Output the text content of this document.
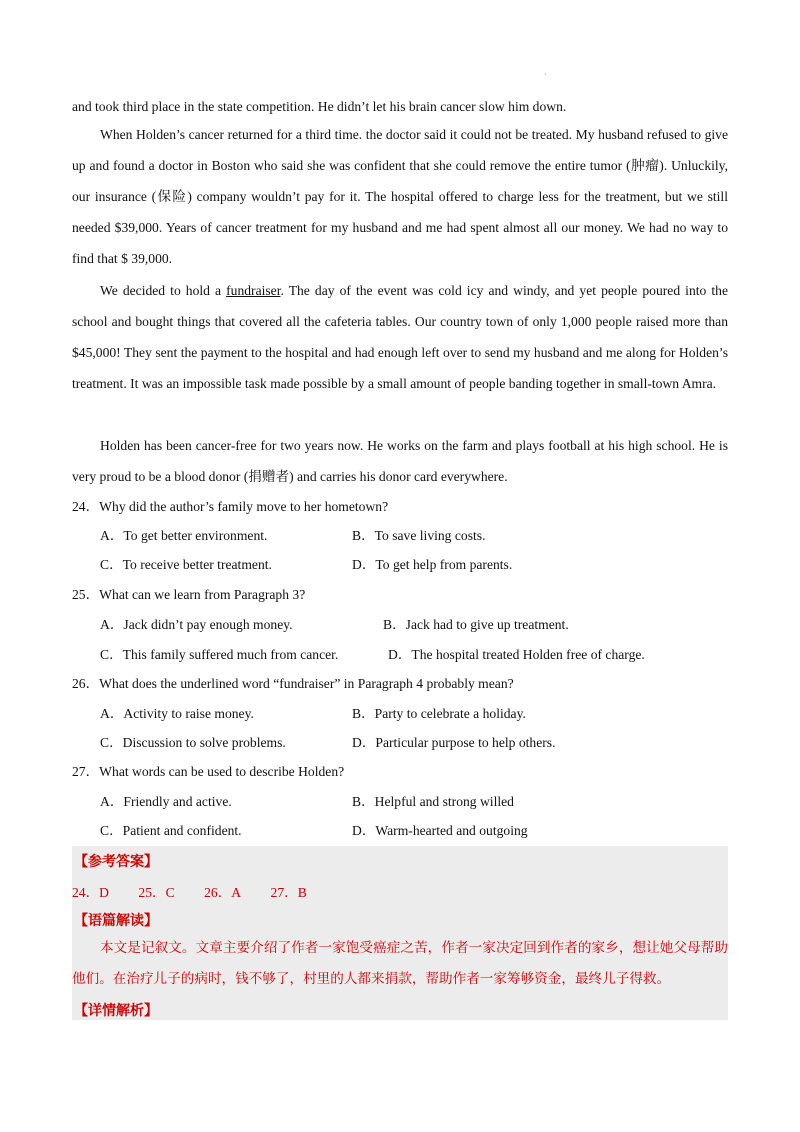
·

and took third place in the state competition. He didn’t let his brain cancer slow him down.

When Holden’s cancer returned for a third time. the doctor said it could not be treated. My husband refused to give up and found a doctor in Boston who said she was confident that she could remove the entire tumor (肿瘤). Unluckily, our insurance (保险) company wouldn’t pay for it. The hospital offered to charge less for the treatment, but we still needed $39,000. Years of cancer treatment for my husband and me had spent almost all our money. We had no way to find that $ 39,000.

We decided to hold a fundraiser. The day of the event was cold icy and windy, and yet people poured into the school and bought things that covered all the cafeteria tables. Our country town of only 1,000 people raised more than $45,000! They sent the payment to the hospital and had enough left over to send my husband and me along for Holden’s treatment. It was an impossible task made possible by a small amount of people banding together in small-town Amra.

Holden has been cancer-free for two years now. He works on the farm and plays football at his high school. He is very proud to be a blood donor (捐赠者) and carries his donor card everywhere.

24．Why did the author’s family move to her hometown?
A．To get better environment.	B．To save living costs.
C．To receive better treatment.	D．To get help from parents.
25．What can we learn from Paragraph 3?
A．Jack didn’t pay enough money.	B．Jack had to give up treatment.
C．This family suffered much from cancer.	D．The hospital treated Holden free of charge.
26．What does the underlined word “fundraiser” in Paragraph 4 probably mean?
A．Activity to raise money.	B．Party to celebrate a holiday.
C．Discussion to solve problems.	D．Particular purpose to help others.
27．What words can be used to describe Holden?
A．Friendly and active.	B．Helpful and strong willed
C．Patient and confident.	D．Warm-hearted and outgoing
【参考答案】
24．D 25．C 26．A 27．B
【语篇解读】

本文是记叙文。文章主要介绍了作者一家饱受癌症之苦，作者一家决定回到作者的家乡，想让她父母帮助他们。在治疗儿子的病时，钱不够了，村里的人都来捐款，帮助作者一家筹够资金，最终儿子得救。

【详情解析】
